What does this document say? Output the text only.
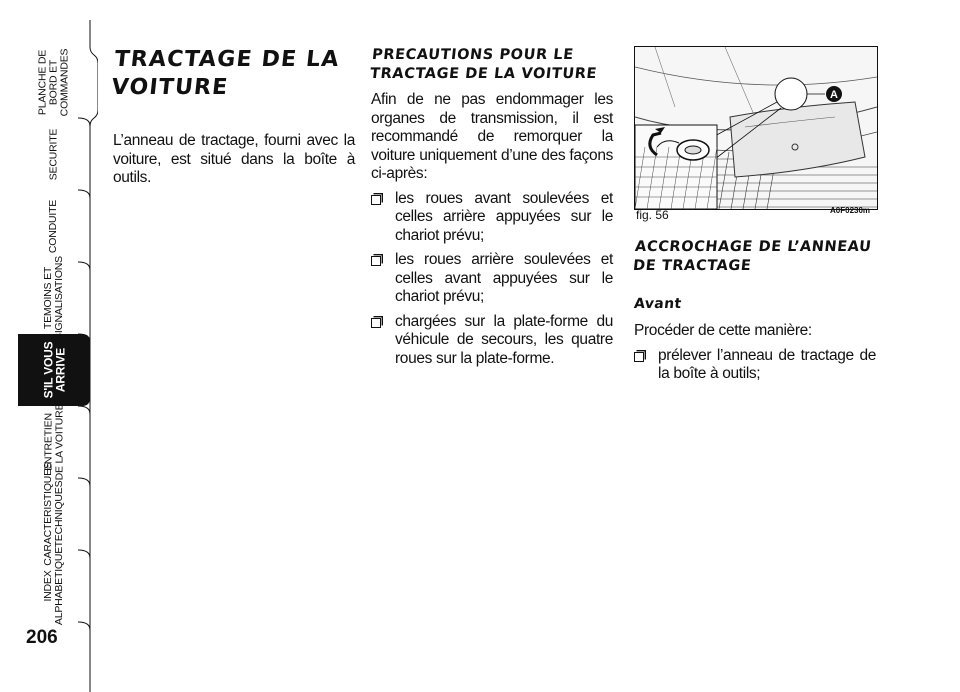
PLANCHE DE
BORD ET
COMMANDES
SECURITE
CONDUITE
TEMOINS ET
SIGNALISATIONS
S'IL VOUS
ARRIVE
ENTRETIEN
DE LA VOITURE
CARACTERISTIQUES
TECHNIQUES
INDEX
ALPHABETIQUE
206
TRACTAGE DE LA
VOITURE

L’anneau de tractage, fourni avec la voiture, est situé dans la boîte à outils.

PRECAUTIONS POUR LE
TRACTAGE DE LA VOITURE

Afin de ne pas endommager les organes de transmission, il est recommandé de remorquer la voiture uniquement d’une des façons ci-après:

les roues avant soulevées et celles arrière appuyées sur le chariot prévu;
les roues arrière soulevées et celles avant appuyées sur le chariot prévu;
chargées sur la plate-forme du véhicule de secours, les quatre roues sur la plate-forme.
A
fig. 56	A0F0230m
ACCROCHAGE DE L’ANNEAU
DE TRACTAGE
Avant

Procéder de cette manière:

prélever l’anneau de tractage de la boîte à outils;
